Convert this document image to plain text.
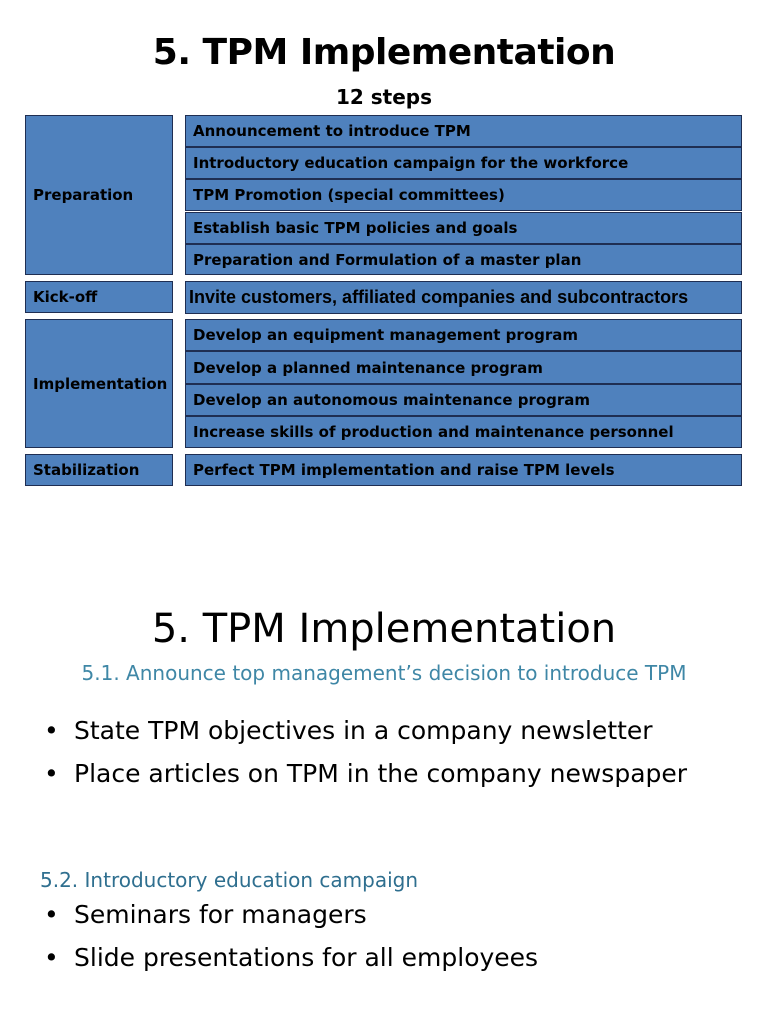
5. TPM Implementation
12 steps
Preparation
Kick-off
Implementation
Stabilization
Announcement to introduce TPM
Introductory education campaign for the workforce
TPM Promotion (special committees)
Establish basic TPM policies and goals
Preparation and Formulation of a master plan
Invite customers, affiliated companies and subcontractors
Develop an equipment management program
Develop a planned maintenance program
Develop an autonomous maintenance program
Increase skills of production and maintenance personnel
Perfect TPM implementation and raise TPM levels
5. TPM Implementation
5.1. Announce top management’s decision to introduce TPM
• State TPM objectives in a company newsletter
• Place articles on TPM in the company newspaper
5.2. Introductory education campaign
• Seminars for managers
• Slide presentations for all employees
